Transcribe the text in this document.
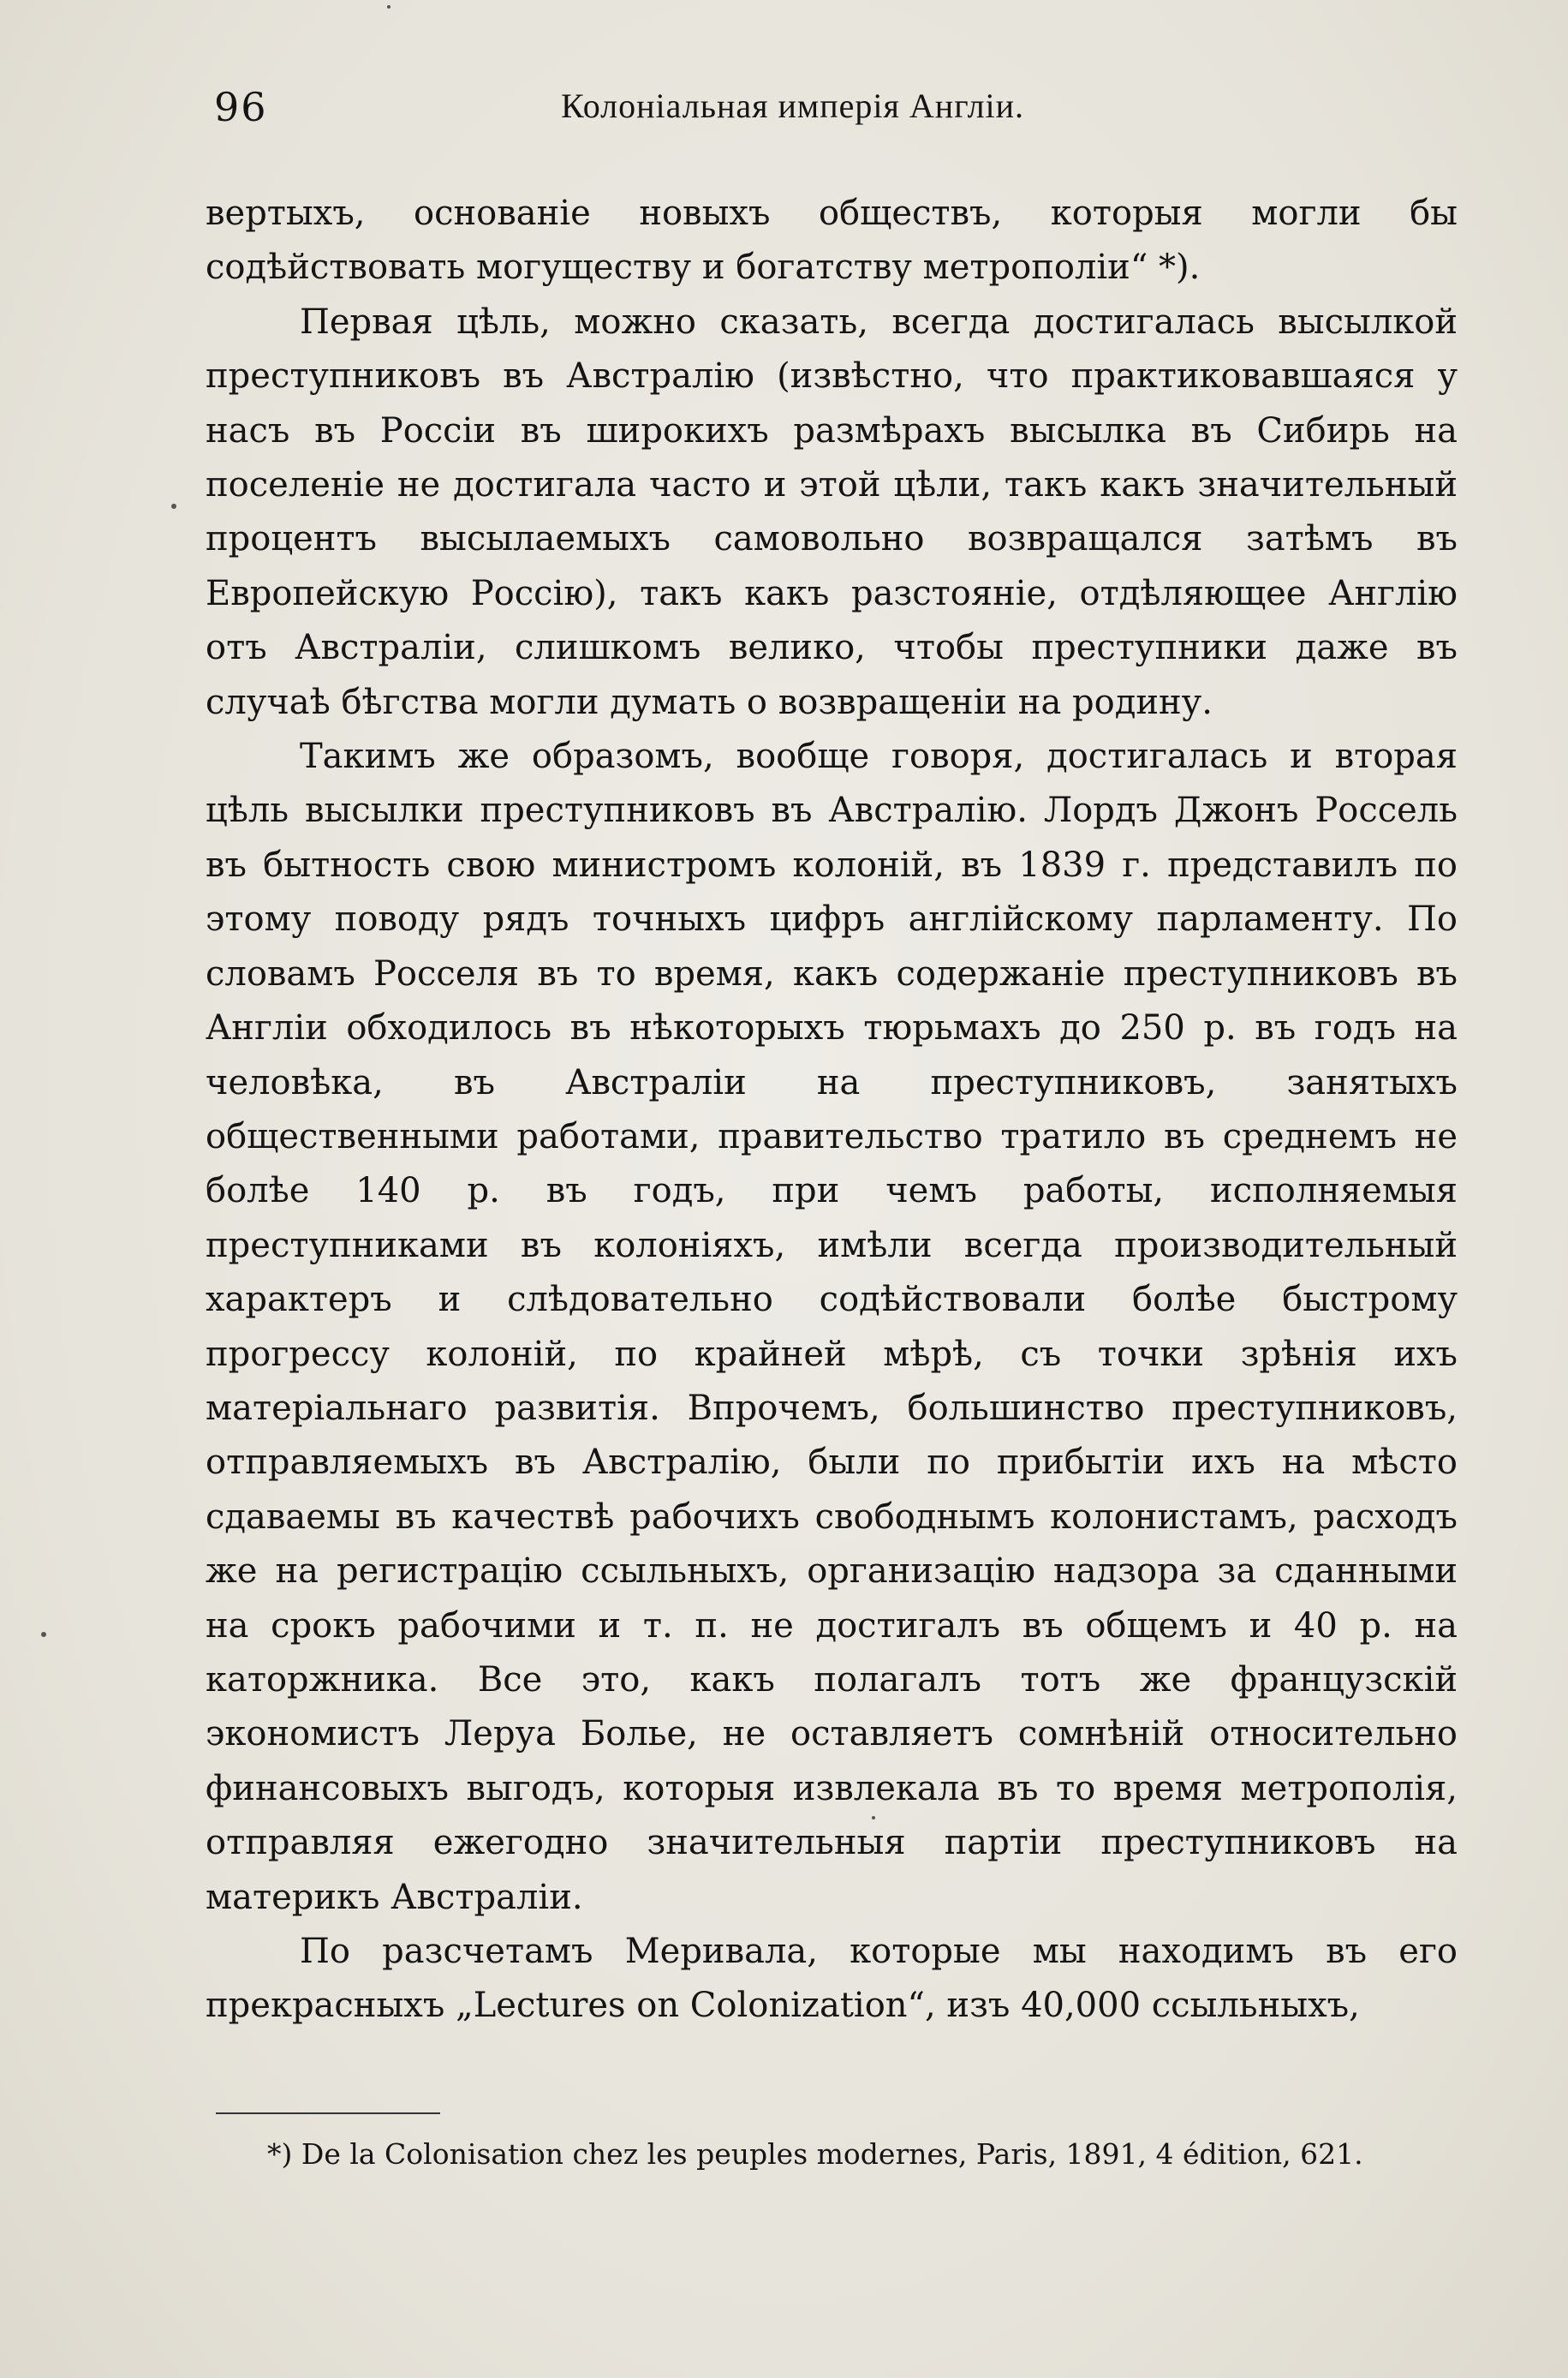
96	Колоніальная имперія Англіи.

вертыхъ, основаніе новыхъ обществъ, которыя могли бы содѣйствовать могуществу и богатству метрополіи“ *).

Первая цѣль, можно сказать, всегда достигалась высылкой преступниковъ въ Австралію (извѣстно, что практиковавшаяся у насъ въ Россіи въ широкихъ размѣрахъ высылка въ Сибирь на поселеніе не достигала часто и этой цѣли, такъ какъ значительный процентъ высылаемыхъ самовольно возвращался затѣмъ въ Европейскую Россію), такъ какъ разстояніе, отдѣляющее Англію отъ Австраліи, слишкомъ велико, чтобы преступники даже въ случаѣ бѣгства могли думать о возвращеніи на родину.

Такимъ же образомъ, вообще говоря, достигалась и вторая цѣль высылки преступниковъ въ Австралію. Лордъ Джонъ Россель въ бытность свою министромъ колоній, въ 1839 г. представилъ по этому поводу рядъ точныхъ цифръ англійскому парламенту. По словамъ Росселя въ то время, какъ содержаніе преступниковъ въ Англіи обходилось въ нѣкоторыхъ тюрьмахъ до 250 р. въ годъ на человѣка, въ Австраліи на преступниковъ, занятыхъ общественными работами, правительство тратило въ среднемъ не болѣе 140 р. въ годъ, при чемъ работы, исполняемыя преступниками въ колоніяхъ, имѣли всегда производительный характеръ и слѣдовательно содѣйствовали болѣе быстрому прогрессу колоній, по крайней мѣрѣ, съ точки зрѣнія ихъ матеріальнаго развитія. Впрочемъ, большинство преступниковъ, отправляемыхъ въ Австралію, были по прибытіи ихъ на мѣсто сдаваемы въ качествѣ рабочихъ свободнымъ колонистамъ, расходъ же на регистрацію ссыльныхъ, организацію надзора за сданными на срокъ рабочими и т. п. не достигалъ въ общемъ и 40 р. на каторжника. Все это, какъ полагалъ тотъ же французскій экономистъ Леруа Болье, не оставляетъ сомнѣній относительно финансовыхъ выгодъ, которыя извлекала въ то время метрополія, отправляя ежегодно значительныя партіи преступниковъ на материкъ Австраліи.

По разсчетамъ Меривала, которые мы находимъ въ его прекрасныхъ „Lectures on Colonization“, изъ 40,000 ссыльныхъ,

*) De la Colonisation chez les peuples modernes, Paris, 1891, 4 édition, 621.
